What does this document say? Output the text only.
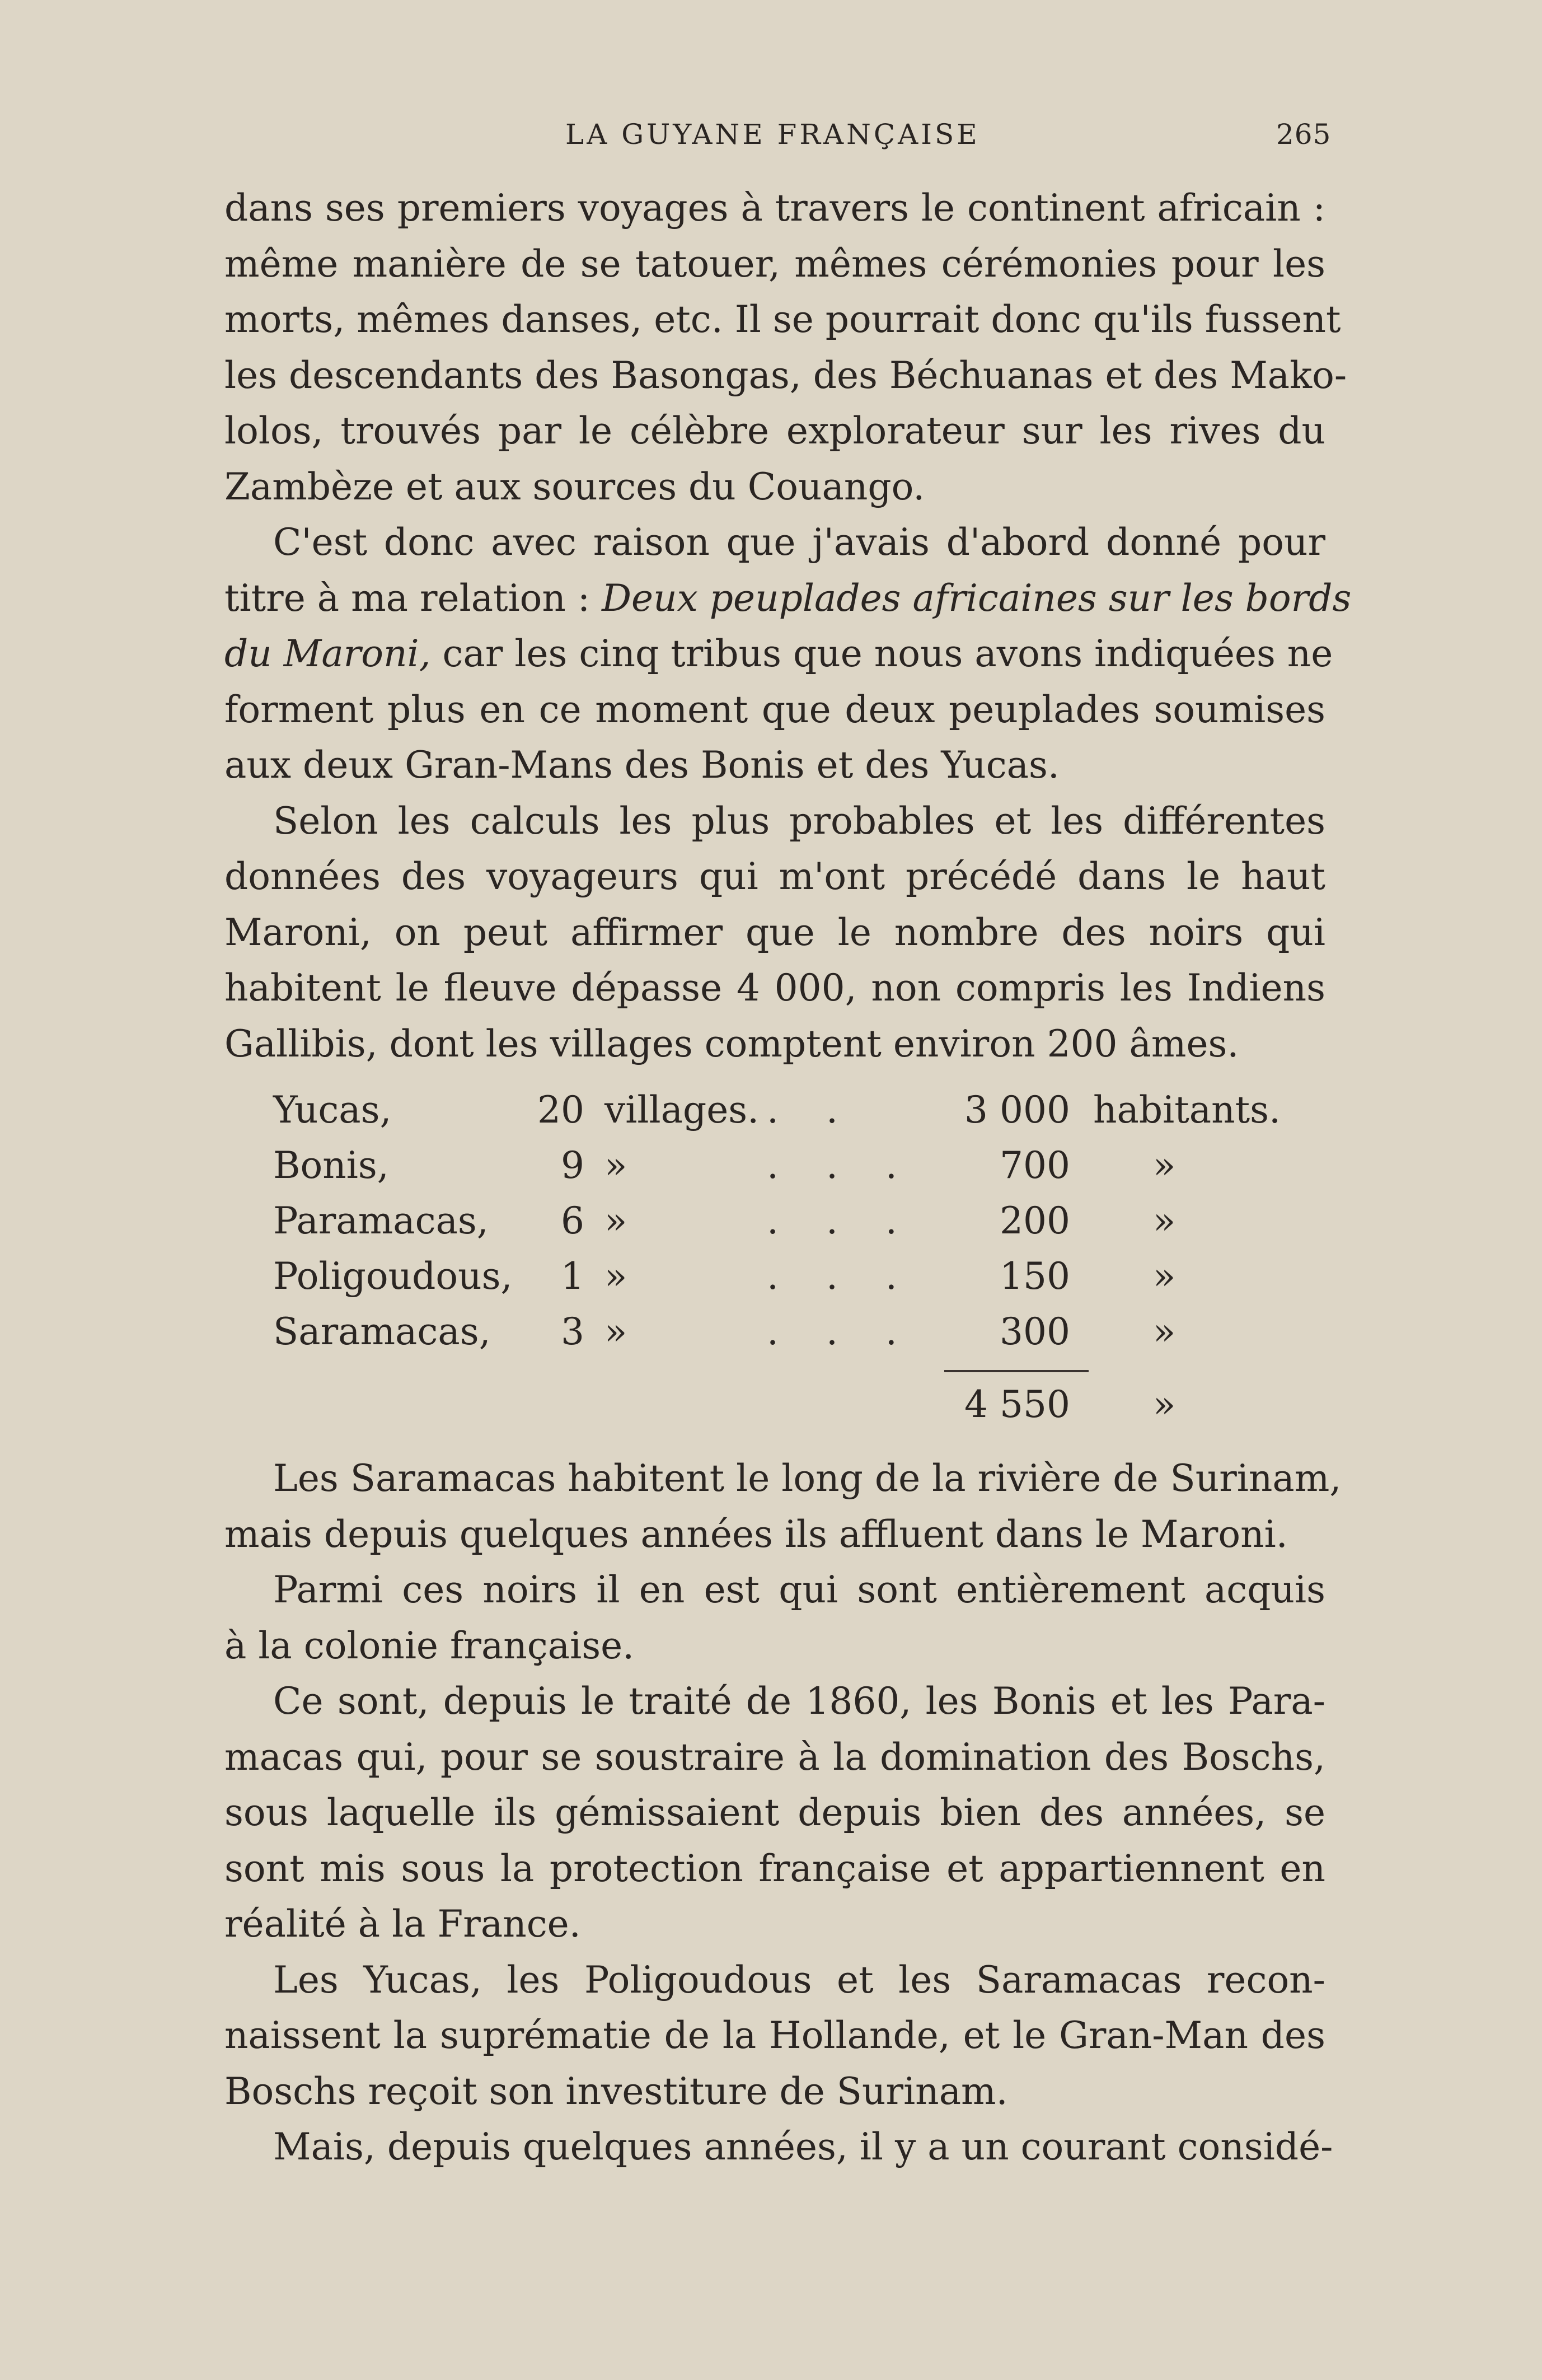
LA GUYANE FRANÇAISE	265
dans ses premiers voyages à travers le continent africain :
même manière de se tatouer, mêmes cérémonies pour les
morts, mêmes danses, etc. Il se pourrait donc qu'ils fussent
les descendants des Basongas, des Béchuanas et des Mako-
lolos, trouvés par le célèbre explorateur sur les rives du
Zambèze et aux sources du Couango.
C'est donc avec raison que j'avais d'abord donné pour
titre à ma relation : Deux peuplades africaines sur les bords
du Maroni, car les cinq tribus que nous avons indiquées ne
forment plus en ce moment que deux peuplades soumises
aux deux Gran-Mans des Bonis et des Yucas.
Selon les calculs les plus probables et les différentes
données des voyageurs qui m'ont précédé dans le haut
Maroni, on peut affirmer que le nombre des noirs qui
habitent le fleuve dépasse 4 000, non compris les Indiens
Gallibis, dont les villages comptent environ 200 âmes.
Yucas,	20 villages. . .	3 000 habitants.
Bonis,	9 »	. . . 700 »
Paramacas, 6 »	. . . 200 »
Poligoudous, 1 »	. . . 150 »
Saramacas, 3 »	. . . 300 »
4 550 »
Les Saramacas habitent le long de la rivière de Surinam,
mais depuis quelques années ils affluent dans le Maroni.
Parmi ces noirs il en est qui sont entièrement acquis
à la colonie française.
Ce sont, depuis le traité de 1860, les Bonis et les Para-
macas qui, pour se soustraire à la domination des Boschs,
sous laquelle ils gémissaient depuis bien des années, se
sont mis sous la protection française et appartiennent en
réalité à la France.
Les Yucas, les Poligoudous et les Saramacas recon-
naissent la suprématie de la Hollande, et le Gran-Man des
Boschs reçoit son investiture de Surinam.
Mais, depuis quelques années, il y a un courant considé-
